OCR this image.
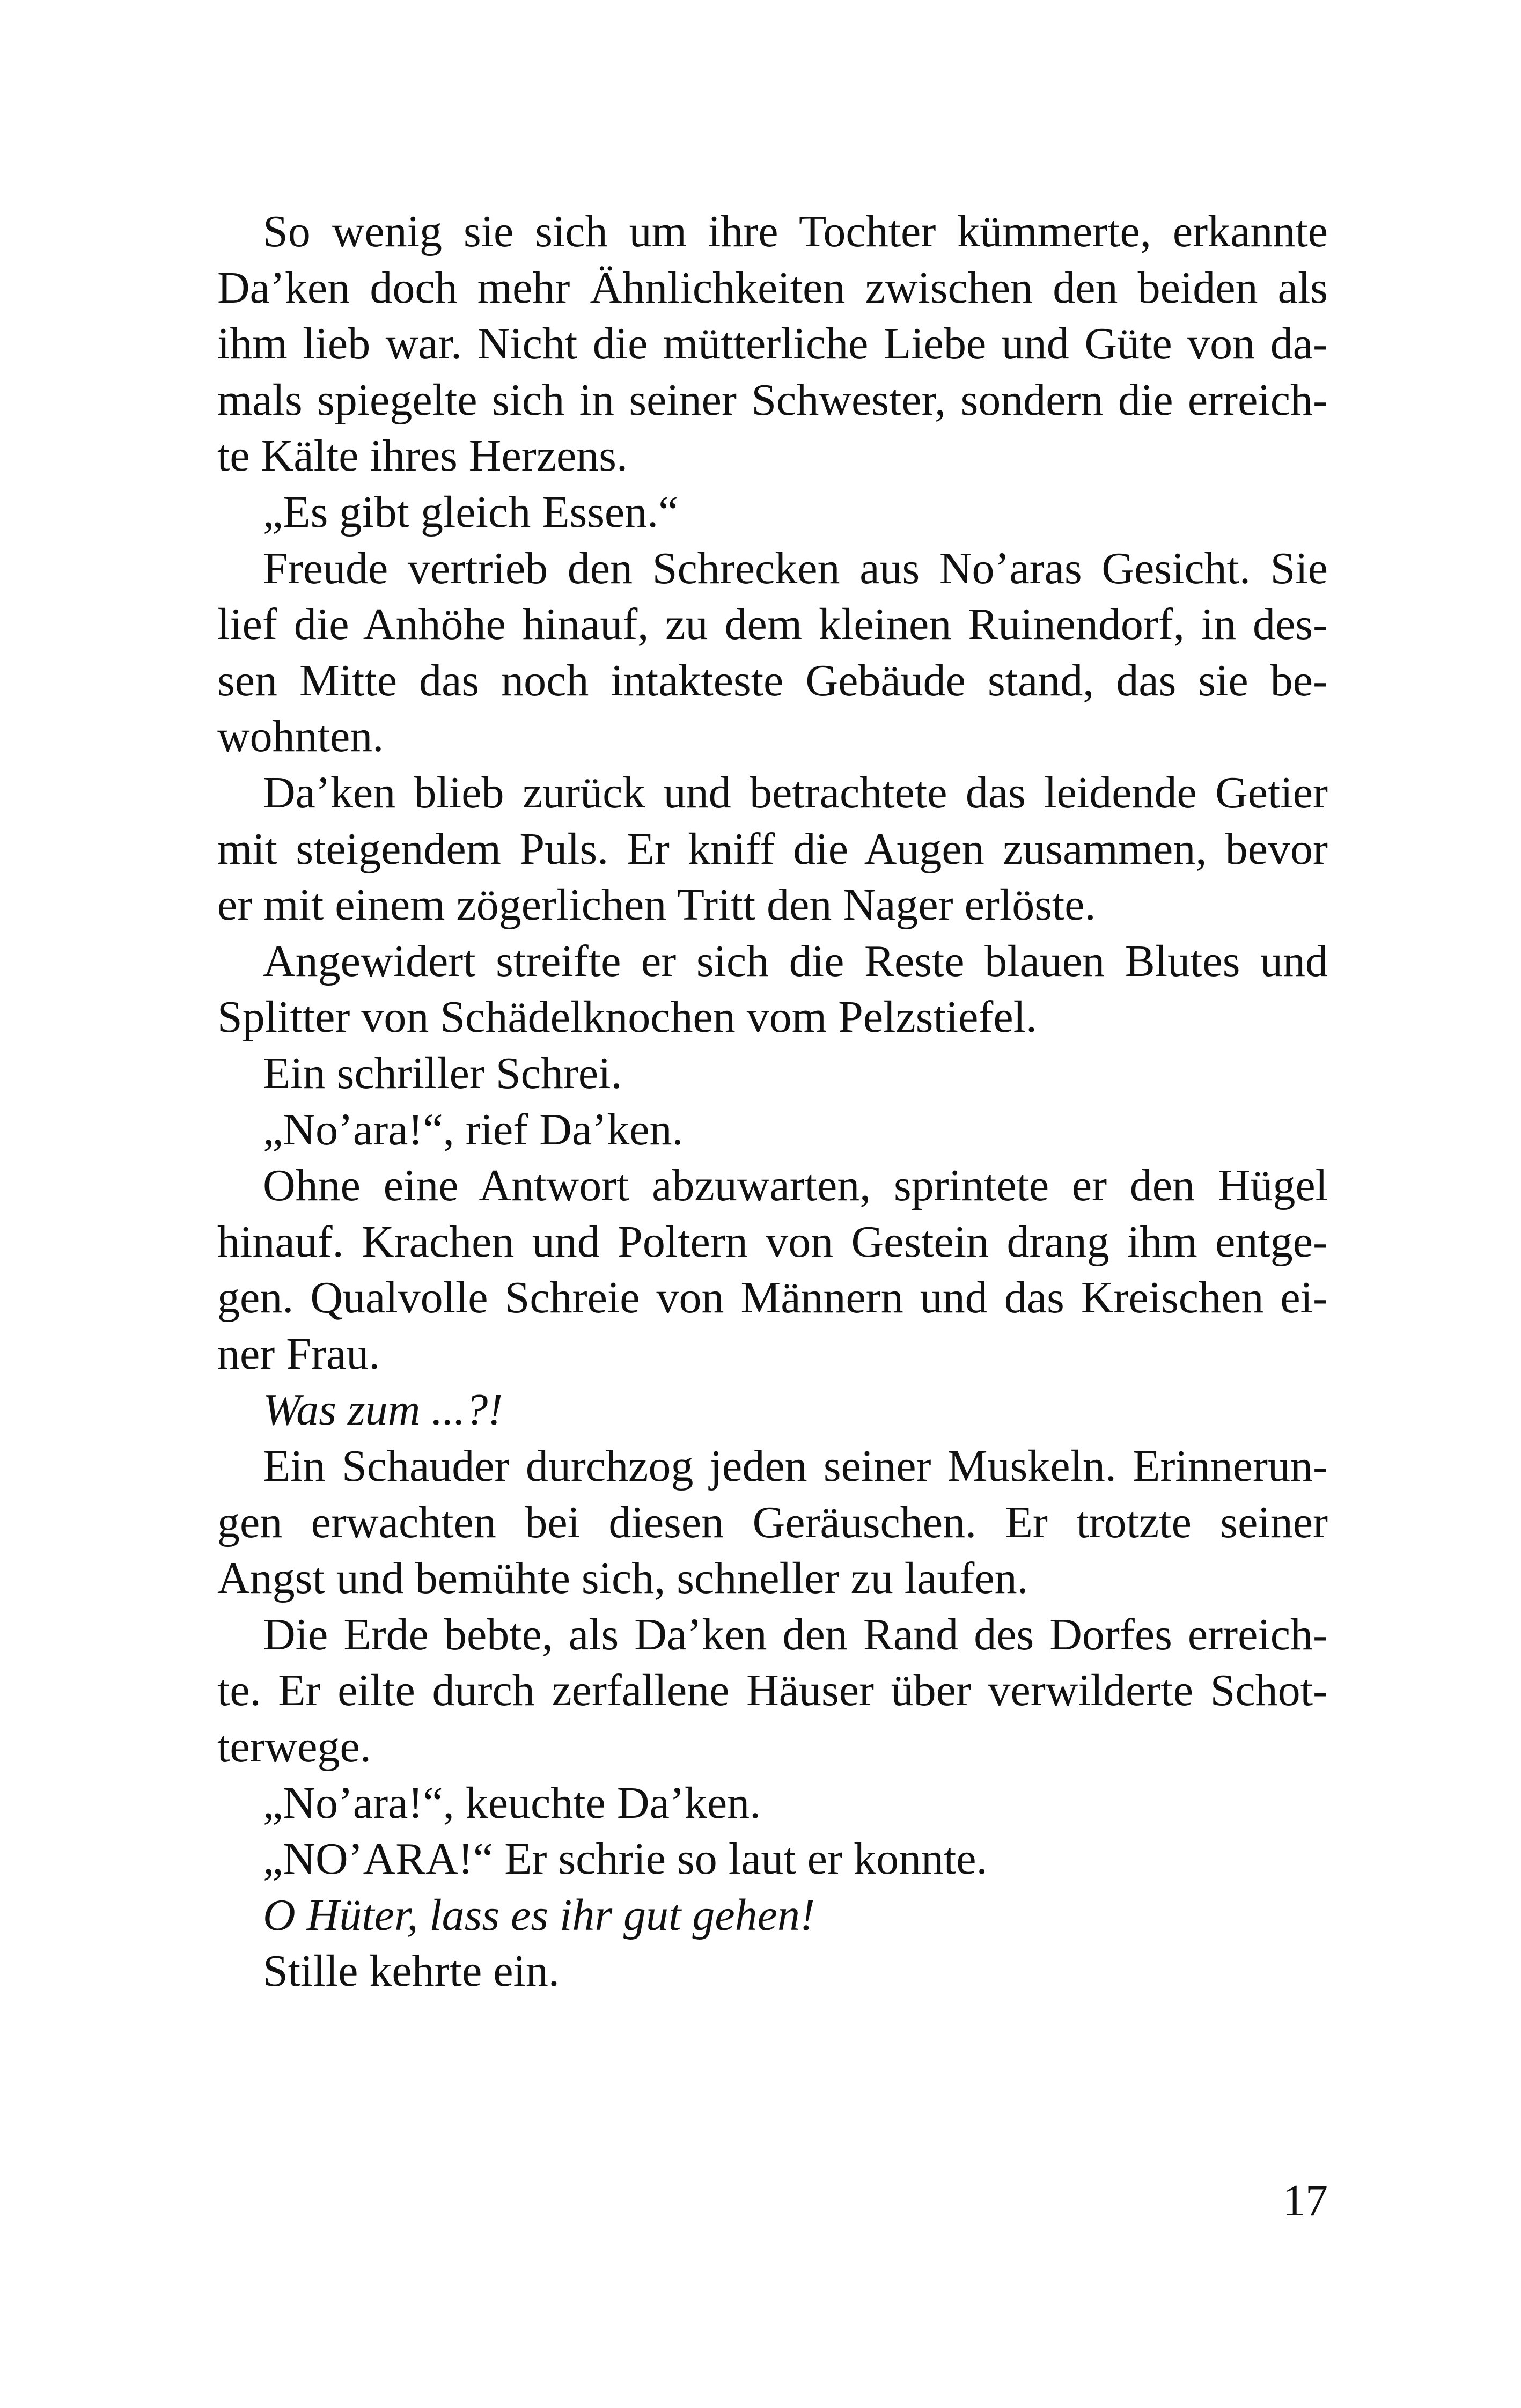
So wenig sie sich um ihre Tochter kümmerte, erkannte
Da’ken doch mehr Ähnlichkeiten zwischen den beiden als
ihm lieb war. Nicht die mütterliche Liebe und Güte von da-
mals spiegelte sich in seiner Schwester, sondern die erreich-
te Kälte ihres Herzens.
„Es gibt gleich Essen.“
Freude vertrieb den Schrecken aus No’aras Gesicht. Sie
lief die Anhöhe hinauf, zu dem kleinen Ruinendorf, in des-
sen Mitte das noch intakteste Gebäude stand, das sie be-
wohnten.
Da’ken blieb zurück und betrachtete das leidende Getier
mit steigendem Puls. Er kniff die Augen zusammen, bevor
er mit einem zögerlichen Tritt den Nager erlöste.
Angewidert streifte er sich die Reste blauen Blutes und
Splitter von Schädelknochen vom Pelzstiefel.
Ein schriller Schrei.
„No’ara!“, rief Da’ken.
Ohne eine Antwort abzuwarten, sprintete er den Hügel
hinauf. Krachen und Poltern von Gestein drang ihm entge-
gen. Qualvolle Schreie von Männern und das Kreischen ei-
ner Frau.
Was zum ...?!
Ein Schauder durchzog jeden seiner Muskeln. Erinnerun-
gen erwachten bei diesen Geräuschen. Er trotzte seiner
Angst und bemühte sich, schneller zu laufen.
Die Erde bebte, als Da’ken den Rand des Dorfes erreich-
te. Er eilte durch zerfallene Häuser über verwilderte Schot-
terwege.
„No’ara!“, keuchte Da’ken.
„NO’ARA!“ Er schrie so laut er konnte.
O Hüter, lass es ihr gut gehen!
Stille kehrte ein.
17
